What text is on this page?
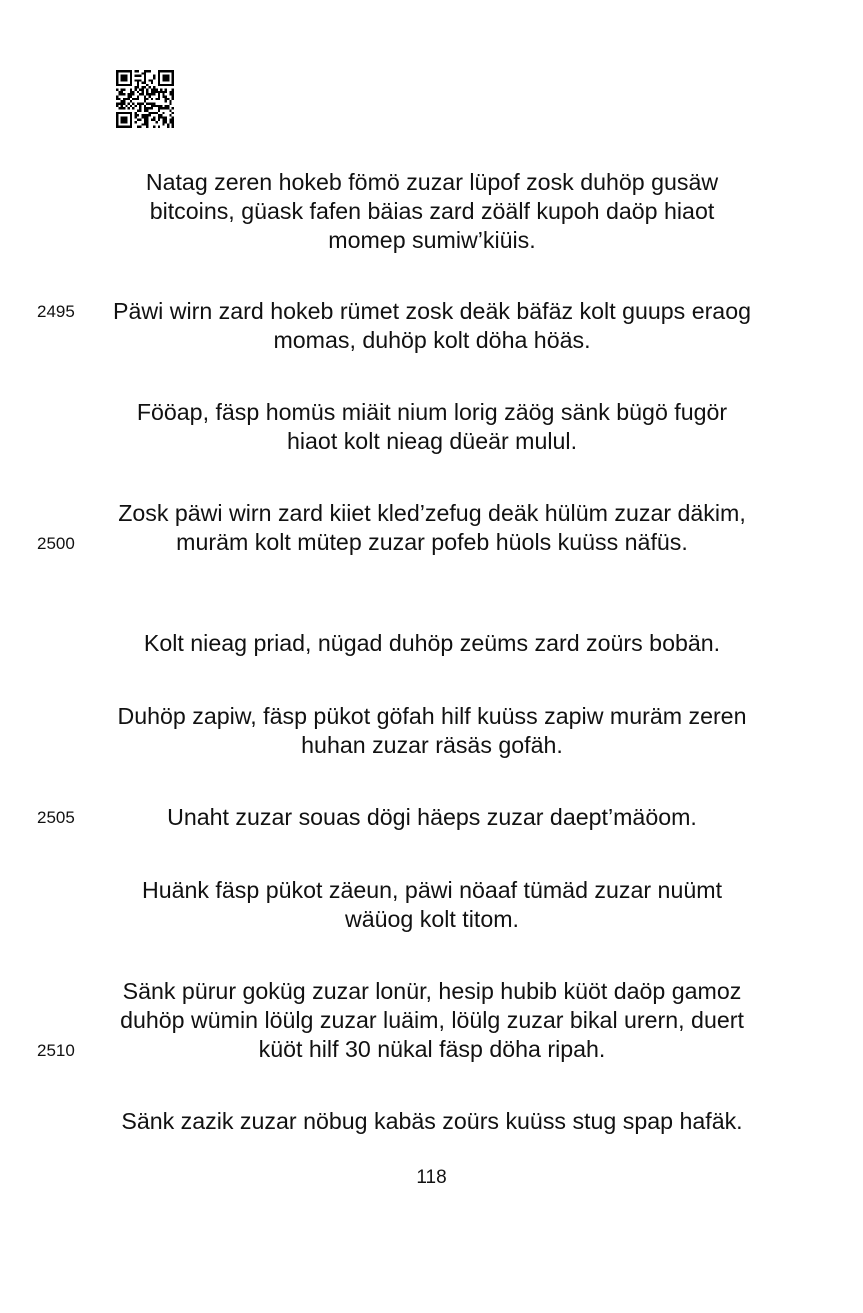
Natag zeren hokeb fömö zuzar lüpof zosk duhöp gusäw bitcoins, güask fafen bäias zard zöälf kupoh daöp hiaot momep sumiw’kiüis.
2495	Päwi wirn zard hokeb rümet zosk deäk bäfäz kolt guups eraog momas, duhöp kolt döha höäs.
Fööap, fäsp homüs miäit nium lorig zäög sänk bügö fugör hiaot kolt nieag düeär mulul.
Zosk päwi wirn zard kiiet kled’zefug deäk hülüm zuzar däkim, muräm kolt mütep zuzar pofeb hüols kuüss näfüs.
2500
Kolt nieag priad, nügad duhöp zeüms zard zoürs bobän.
Duhöp zapiw, fäsp pükot göfah hilf kuüss zapiw muräm zeren huhan zuzar räsäs gofäh.
2505	Unaht zuzar souas dögi häeps zuzar daept’mäöom.
Huänk fäsp pükot zäeun, päwi nöaaf tümäd zuzar nuümt wäüog kolt titom.
Sänk pürur goküg zuzar lonür, hesip hubib küöt daöp gamoz duhöp wümin löülg zuzar luäim, löülg zuzar bikal urern, duert küöt hilf 30 nükal fäsp döha ripah.
2510
Sänk zazik zuzar nöbug kabäs zoürs kuüss stug spap hafäk.
118
